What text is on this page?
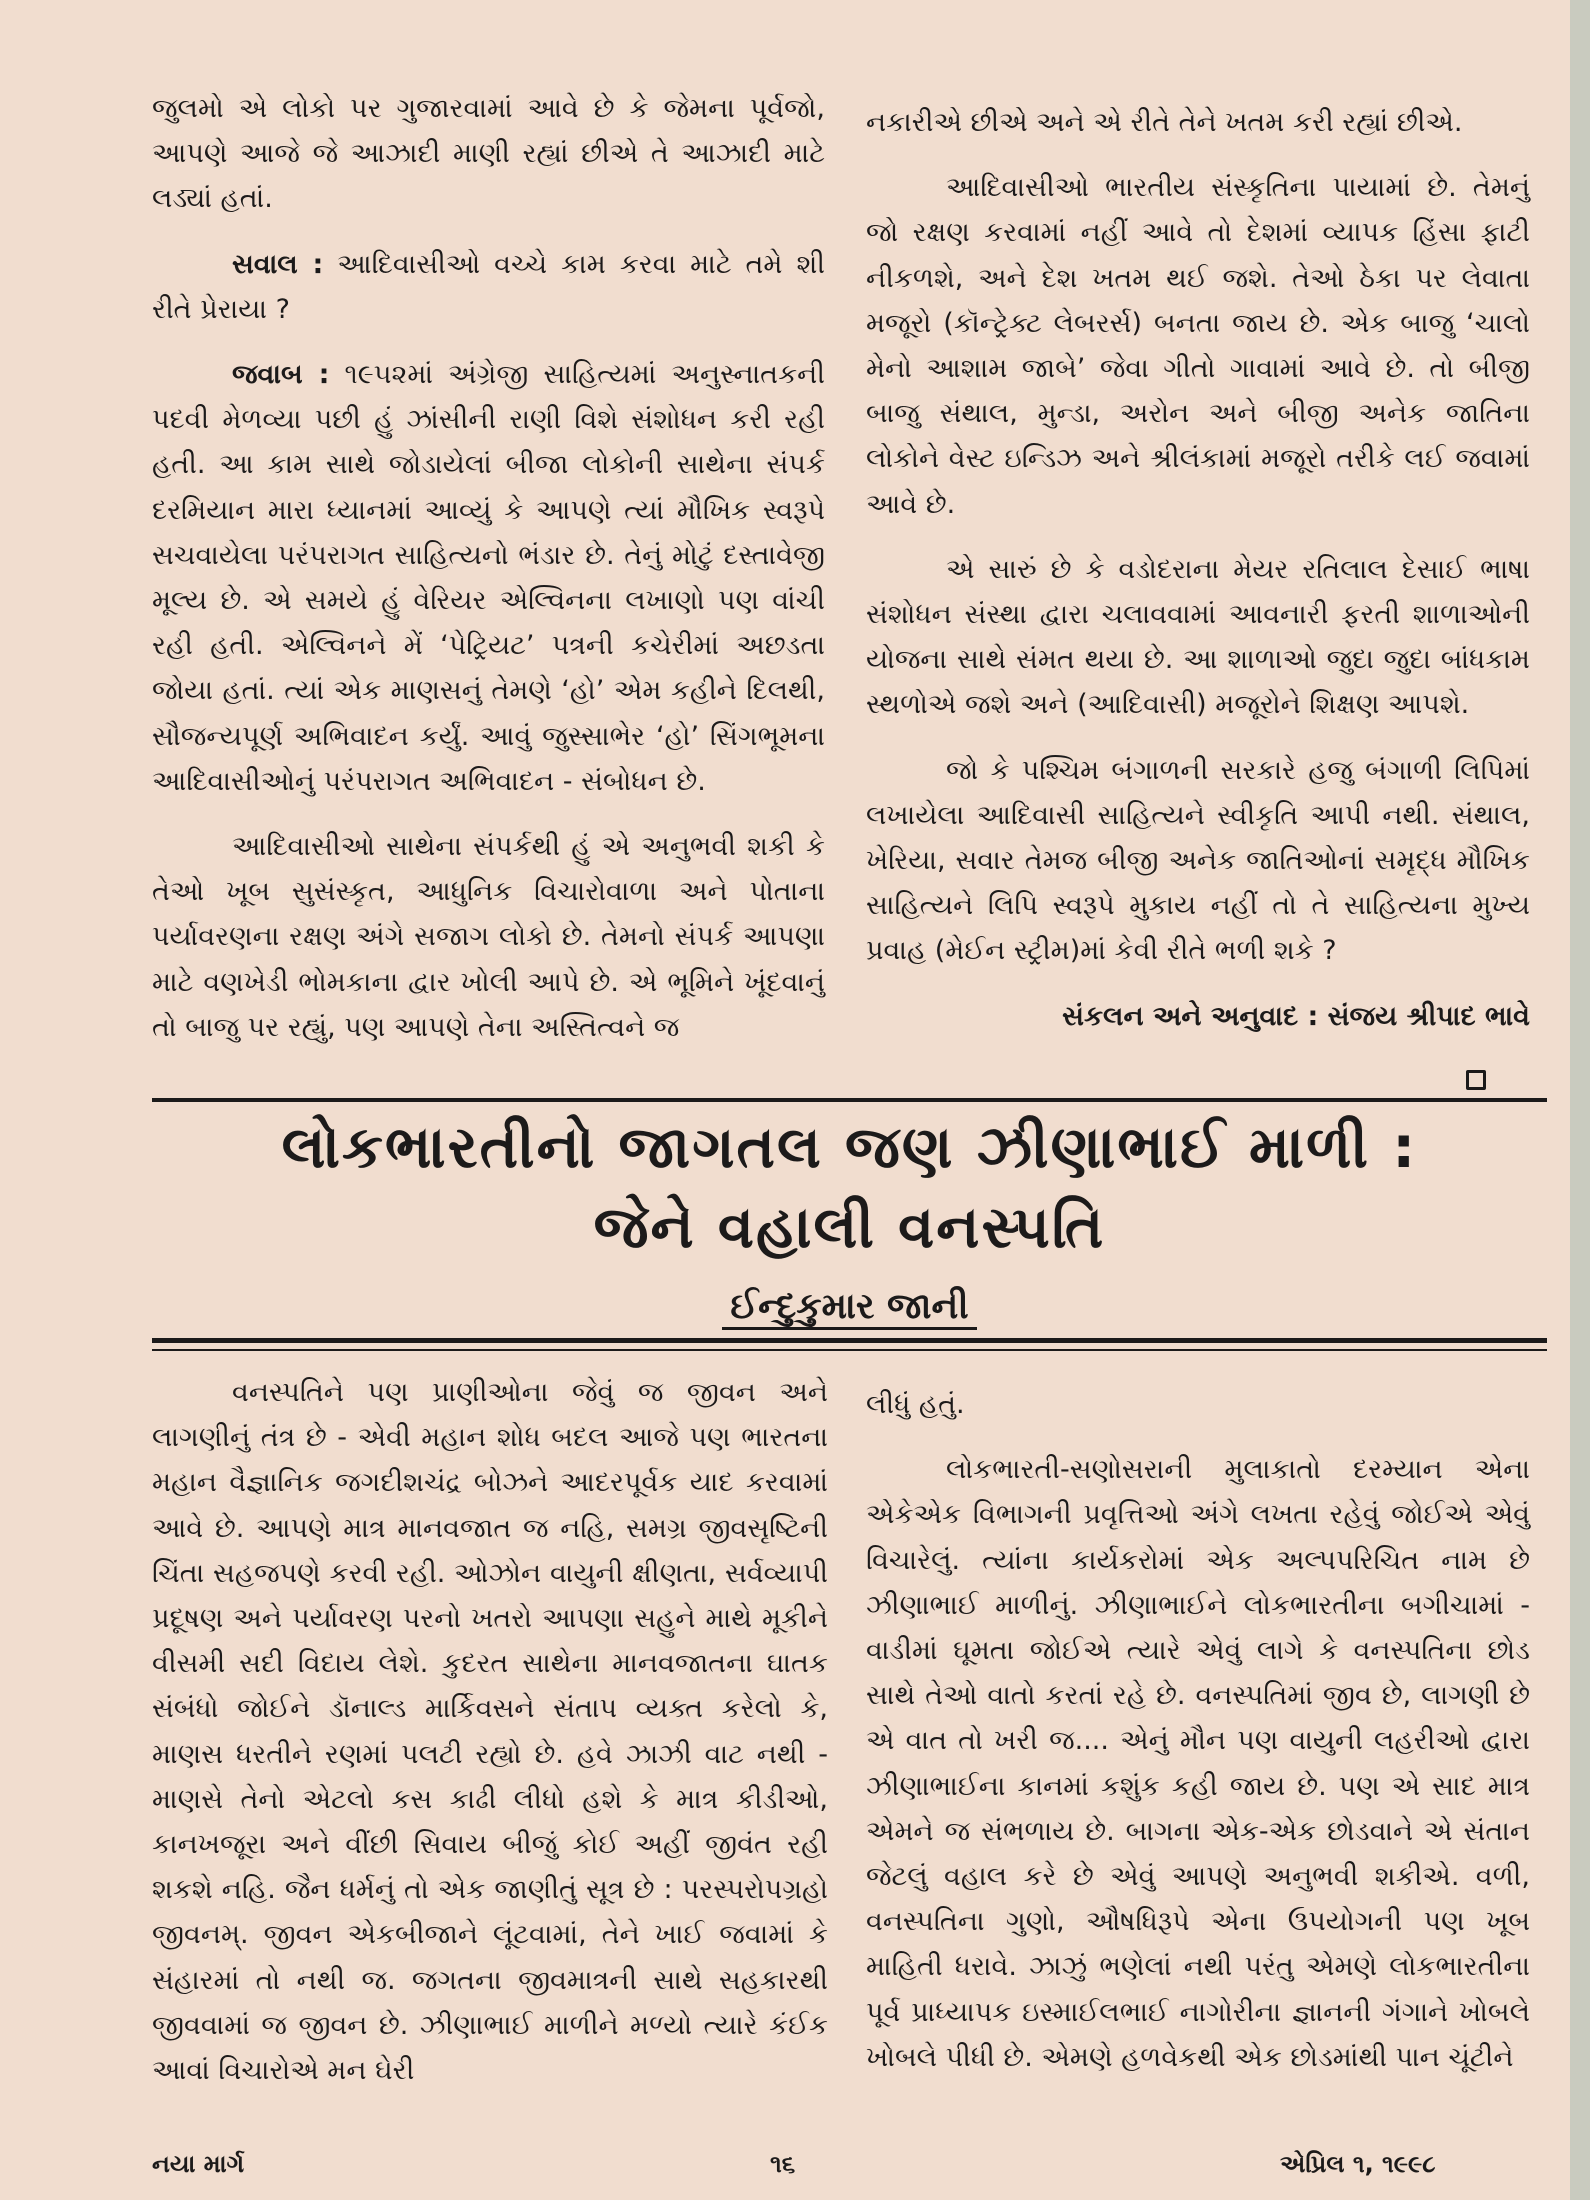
જુલમો એ લોકો પર ગુજારવામાં આવે છે કે જેમના પૂર્વજો, આપણે આજે જે આઝાદી માણી રહ્યાં છીએ તે આઝાદી માટે લડ્યાં હતાં.

સવાલ : આદિવાસીઓ વચ્ચે કામ કરવા માટે તમે શી રીતે પ્રેરાયા ?

જવાબ : ૧૯૫૨માં અંગ્રેજી સાહિત્યમાં અનુસ્નાતકની પદવી મેળવ્યા પછી હું ઝાંસીની રાણી વિશે સંશોધન કરી રહી હતી. આ કામ સાથે જોડાયેલાં બીજા લોકોની સાથેના સંપર્ક દરમિયાન મારા ધ્યાનમાં આવ્યું કે આપણે ત્યાં મૌખિક સ્વરૂપે સચવાયેલા પરંપરાગત સાહિત્યનો ભંડાર છે. તેનું મોટું દસ્તાવેજી મૂલ્ય છે. એ સમયે હું વેરિયર એલ્વિનના લખાણો પણ વાંચી રહી હતી. એલ્વિનને મેં ‘પેટ્રિયટ’ પત્રની કચેરીમાં અછડતા જોયા હતાં. ત્યાં એક માણસનું તેમણે ‘હો’ એમ કહીને દિલથી, સૌજન્યપૂર્ણ અભિવાદન કર્યું. આવું જુસ્સાભેર ‘હો’ સિંગભૂમના આદિવાસીઓનું પરંપરાગત અભિવાદન - સંબોધન છે.

આદિવાસીઓ સાથેના સંપર્કથી હું એ અનુભવી શકી કે તેઓ ખૂબ સુસંસ્કૃત, આધુનિક વિચારોવાળા અને પોતાના પર્યાવરણના રક્ષણ અંગે સજાગ લોકો છે. તેમનો સંપર્ક આપણા માટે વણખેડી ભોમકાના દ્વાર ખોલી આપે છે. એ ભૂમિને ખૂંદવાનું તો બાજુ પર રહ્યું, પણ આપણે તેના અસ્તિત્વને જ

નકારીએ છીએ અને એ રીતે તેને ખતમ કરી રહ્યાં છીએ.

આદિવાસીઓ ભારતીય સંસ્કૃતિના પાયામાં છે. તેમનું જો રક્ષણ કરવામાં નહીં આવે તો દેશમાં વ્યાપક હિંસા ફાટી નીકળશે, અને દેશ ખતમ થઈ જશે. તેઓ ઠેકા પર લેવાતા મજૂરો (કૉન્ટ્રેક્ટ લેબરર્સ) બનતા જાય છે. એક બાજુ ‘ચાલો મેનો આશામ જાબે’ જેવા ગીતો ગાવામાં આવે છે. તો બીજી બાજુ સંથાલ, મુન્ડા, અરોન અને બીજી અનેક જાતિના લોકોને વેસ્ટ ઇન્ડિઝ અને શ્રીલંકામાં મજૂરો તરીકે લઈ જવામાં આવે છે.

એ સારું છે કે વડોદરાના મેયર રતિલાલ દેસાઈ ભાષા સંશોધન સંસ્થા દ્વારા ચલાવવામાં આવનારી ફરતી શાળાઓની યોજના સાથે સંમત થયા છે. આ શાળાઓ જુદા જુદા બાંધકામ સ્થળોએ જશે અને (આદિવાસી) મજૂરોને શિક્ષણ આપશે.

જો કે પશ્ચિમ બંગાળની સરકારે હજુ બંગાળી લિપિમાં લખાયેલા આદિવાસી સાહિત્યને સ્વીકૃતિ આપી નથી. સંથાલ, ખેરિયા, સવાર તેમજ બીજી અનેક જાતિઓનાં સમૃદ્ધ મૌખિક સાહિત્યને લિપિ સ્વરૂપે મુકાય નહીં તો તે સાહિત્યના મુખ્ય પ્રવાહ (મેઈન સ્ટ્રીમ)માં કેવી રીતે ભળી શકે ?

સંકલન અને અનુવાદ : સંજય શ્રીપાદ ભાવે

લોકભારતીનો જાગતલ જણ ઝીણાભાઈ માળી :
જેને વહાલી વનસ્પતિ
ઈન્દુકુમાર જાની

વનસ્પતિને પણ પ્રાણીઓના જેવું જ જીવન અને લાગણીનું તંત્ર છે - એવી મહાન શોધ બદલ આજે પણ ભારતના મહાન વૈજ્ઞાનિક જગદીશચંદ્ર બોઝને આદરપૂર્વક યાદ કરવામાં આવે છે. આપણે માત્ર માનવજાત જ નહિ, સમગ્ર જીવસૃષ્ટિની ચિંતા સહજપણે કરવી રહી. ઓઝોન વાયુની ક્ષીણતા, સર્વવ્યાપી પ્રદૂષણ અને પર્યાવરણ પરનો ખતરો આપણા સહુને માથે મૂકીને વીસમી સદી વિદાય લેશે. કુદરત સાથેના માનવજાતના ઘાતક સંબંધો જોઈને ડૉનાલ્ડ માર્કિવસને સંતાપ વ્યક્ત કરેલો કે, માણસ ધરતીને રણમાં પલટી રહ્યો છે. હવે ઝાઝી વાટ નથી - માણસે તેનો એટલો કસ કાઢી લીધો હશે કે માત્ર કીડીઓ, કાનખજૂરા અને વીંછી સિવાય બીજું કોઈ અહીં જીવંત રહી શકશે નહિ. જૈન ધર્મનું તો એક જાણીતું સૂત્ર છે : પરસ્પરોપગ્રહો જીવનમ્. જીવન એકબીજાને લૂંટવામાં, તેને ખાઈ જવામાં કે સંહારમાં તો નથી જ. જગતના જીવમાત્રની સાથે સહકારથી જીવવામાં જ જીવન છે. ઝીણાભાઈ માળીને મળ્યો ત્યારે કંઈક આવાં વિચારોએ મન ઘેરી

લીધું હતું.

લોકભારતી-સણોસરાની મુલાકાતો દરમ્યાન એના એકેએક વિભાગની પ્રવૃત્તિઓ અંગે લખતા રહેવું જોઈએ એવું વિચારેલું. ત્યાંના કાર્યકરોમાં એક અલ્પપરિચિત નામ છે ઝીણાભાઈ માળીનું. ઝીણાભાઈને લોકભારતીના બગીચામાં - વાડીમાં ઘૂમતા જોઈએ ત્યારે એવું લાગે કે વનસ્પતિના છોડ સાથે તેઓ વાતો કરતાં રહે છે. વનસ્પતિમાં જીવ છે, લાગણી છે એ વાત તો ખરી જ.... એનું મૌન પણ વાયુની લહરીઓ દ્વારા ઝીણાભાઈના કાનમાં કશુંક કહી જાય છે. પણ એ સાદ માત્ર એમને જ સંભળાય છે. બાગના એક-એક છોડવાને એ સંતાન જેટલું વહાલ કરે છે એવું આપણે અનુભવી શકીએ. વળી, વનસ્પતિના ગુણો, ઔષધિરૂપે એના ઉપયોગની પણ ખૂબ માહિતી ધરાવે. ઝાઝું ભણેલાં નથી પરંતુ એમણે લોકભારતીના પૂર્વ પ્રાધ્યાપક ઇસ્માઈલભાઈ નાગોરીના જ્ઞાનની ગંગાને ખોબલે ખોબલે પીધી છે. એમણે હળવેકથી એક છોડમાંથી પાન ચૂંટીને

નયા માર્ગ	૧૬	એપ્રિલ ૧, ૧૯૯૮
